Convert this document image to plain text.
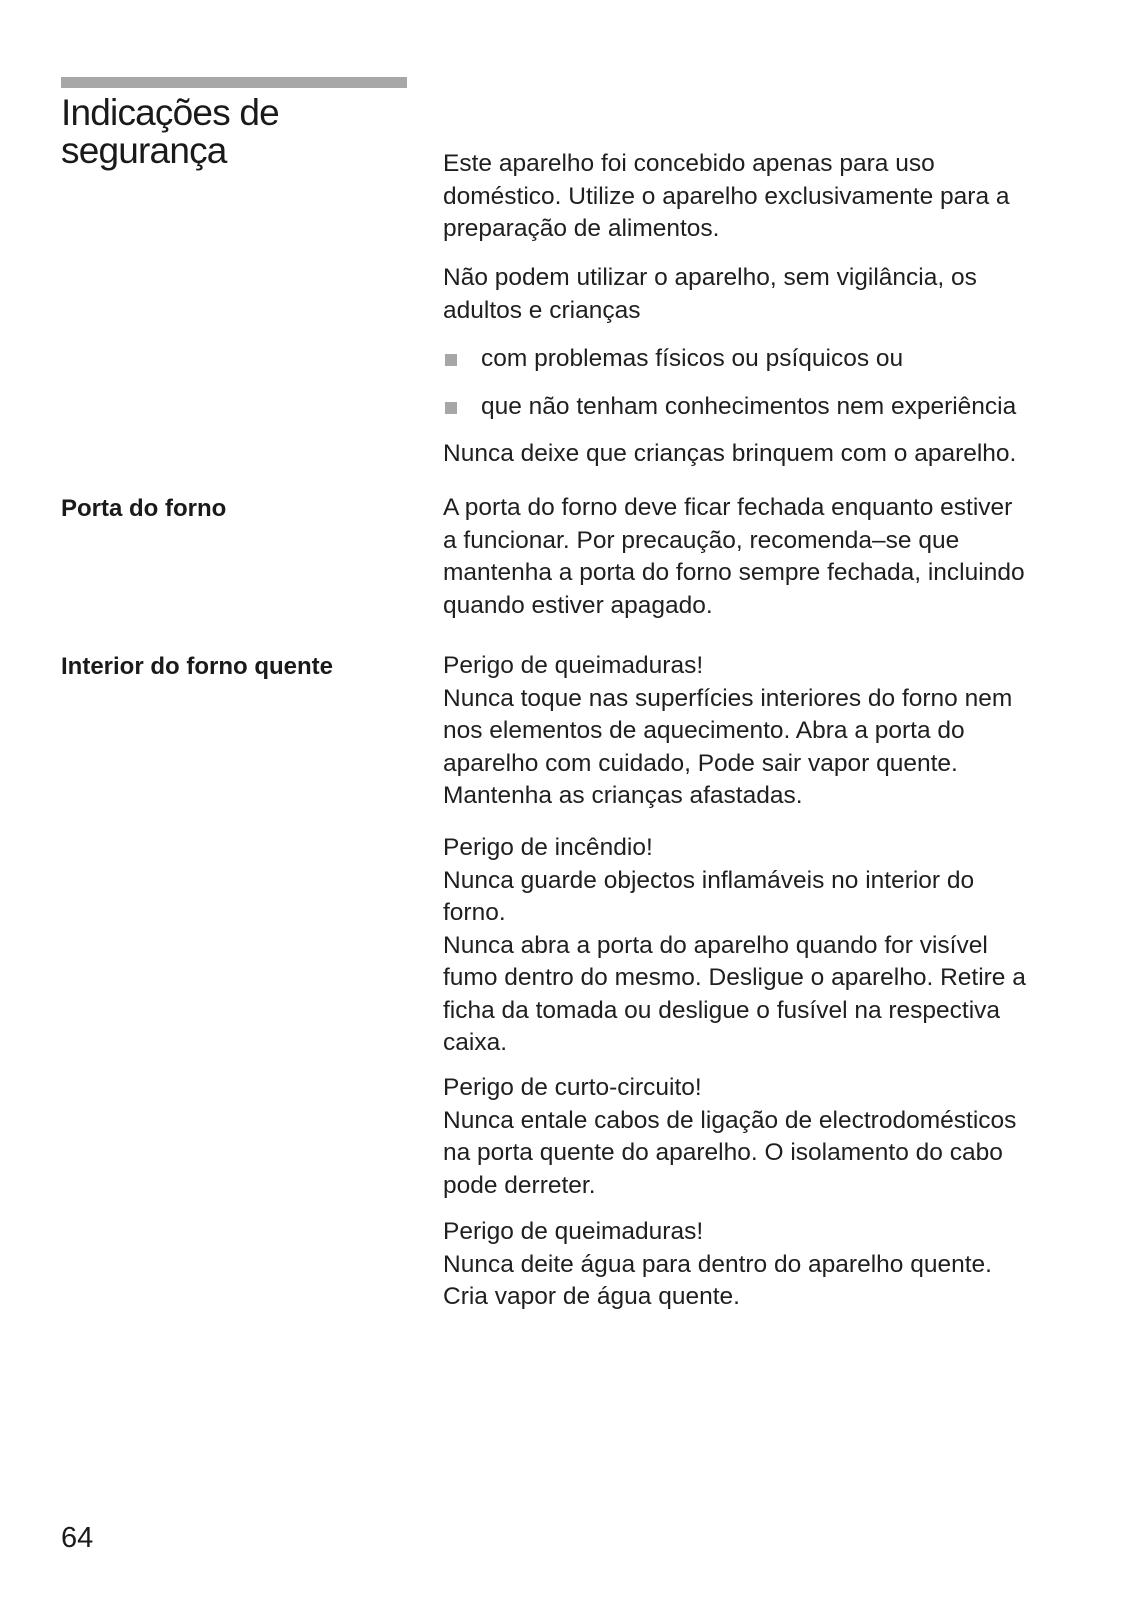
Indicações de
segurança	Este aparelho foi concebido apenas para uso
doméstico. Utilize o aparelho exclusivamente para a
preparação de alimentos.

Não podem utilizar o aparelho, sem vigilância, os
adultos e crianças

com problemas físicos ou psíquicos ou
que não tenham conhecimentos nem experiência

Nunca deixe que crianças brinquem com o aparelho.

Porta do forno	A porta do forno deve ficar fechada enquanto estiver
a funcionar. Por precaução, recomenda–se que
mantenha a porta do forno sempre fechada, incluindo
quando estiver apagado.

Interior do forno quente	Perigo de queimaduras!
Nunca toque nas superfícies interiores do forno nem
nos elementos de aquecimento. Abra a porta do
aparelho com cuidado, Pode sair vapor quente.
Mantenha as crianças afastadas.

Perigo de incêndio!
Nunca guarde objectos inflamáveis no interior do
forno.
Nunca abra a porta do aparelho quando for visível
fumo dentro do mesmo. Desligue o aparelho. Retire a
ficha da tomada ou desligue o fusível na respectiva
caixa.

Perigo de curto-circuito!
Nunca entale cabos de ligação de electrodomésticos
na porta quente do aparelho. O isolamento do cabo
pode derreter.

Perigo de queimaduras!
Nunca deite água para dentro do aparelho quente.
Cria vapor de água quente.

64
